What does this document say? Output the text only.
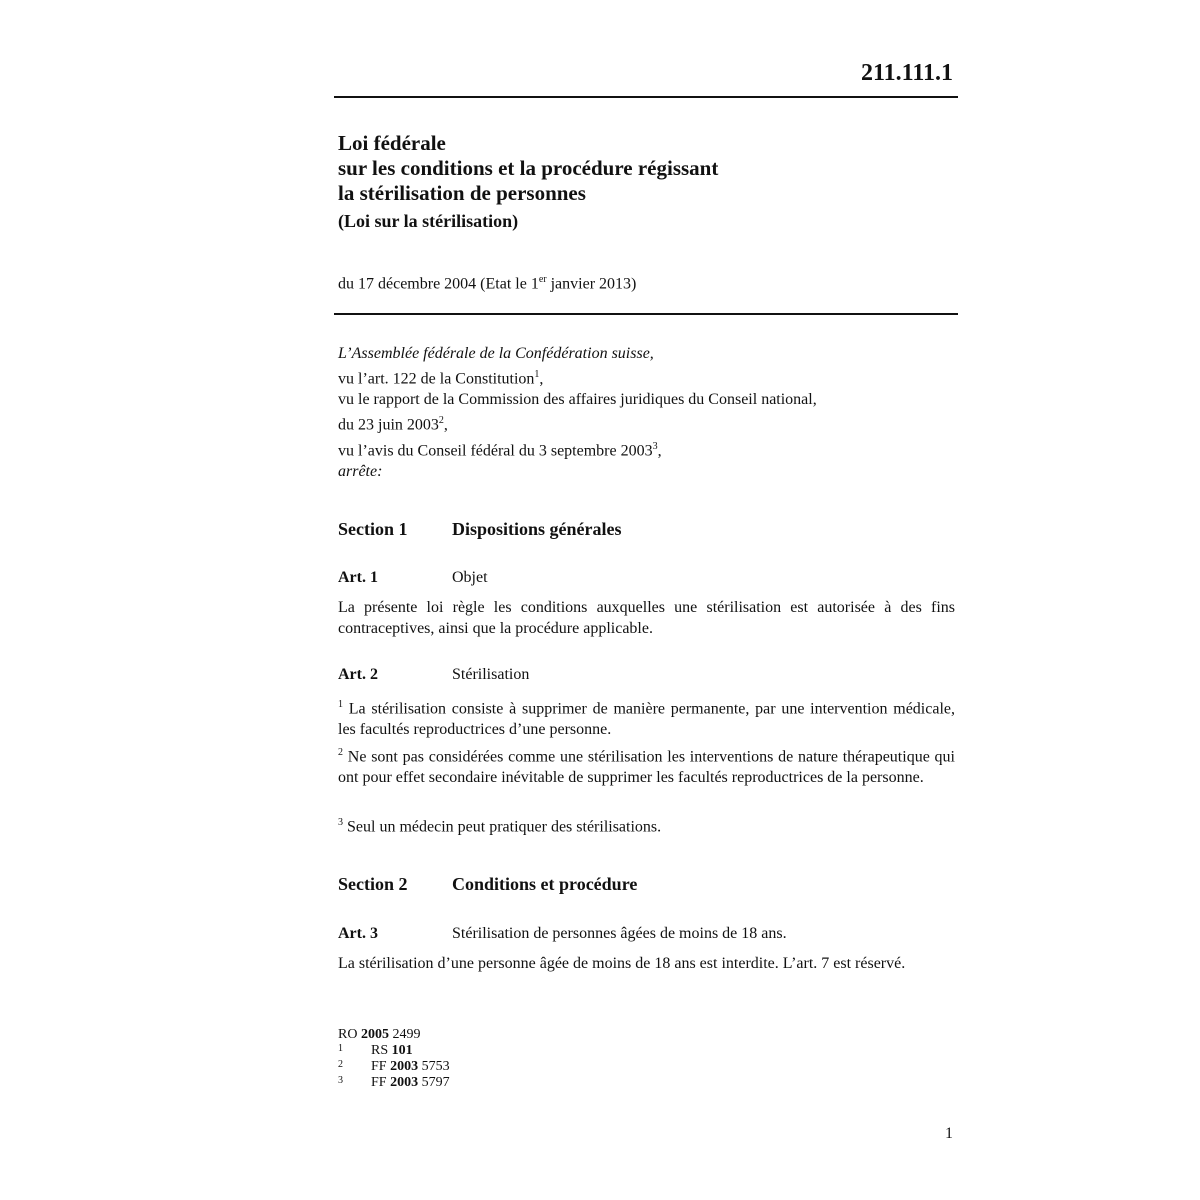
211.111.1
Loi fédérale
sur les conditions et la procédure régissant
la stérilisation de personnes
(Loi sur la stérilisation)
du 17 décembre 2004 (Etat le 1er janvier 2013)
L’Assemblée fédérale de la Confédération suisse,
vu l’art. 122 de la Constitution$^1$,
vu le rapport de la Commission des affaires juridiques du Conseil national,
du 23 juin 2003$^2$,
vu l’avis du Conseil fédéral du 3 septembre 2003$^3$,
arrête:
Section 1 Dispositions générales
Art. 1	Objet
La présente loi règle les conditions auxquelles une stérilisation est autorisée à des fins contraceptives, ainsi que la procédure applicable.
Art. 2	Stérilisation
$^1$ La stérilisation consiste à supprimer de manière permanente, par une intervention médicale, les facultés reproductrices d’une personne.
$^2$ Ne sont pas considérées comme une stérilisation les interventions de nature thérapeutique qui ont pour effet secondaire inévitable de supprimer les facultés reproductrices de la personne.
$^3$ Seul un médecin peut pratiquer des stérilisations.
Section 2 Conditions et procédure
Art. 3	Stérilisation de personnes âgées de moins de 18 ans.
La stérilisation d’une personne âgée de moins de 18 ans est interdite. L’art. 7 est réservé.
RO 2005 2499
1	RS 101
2	FF 2003 5753
3	FF 2003 5797
1
